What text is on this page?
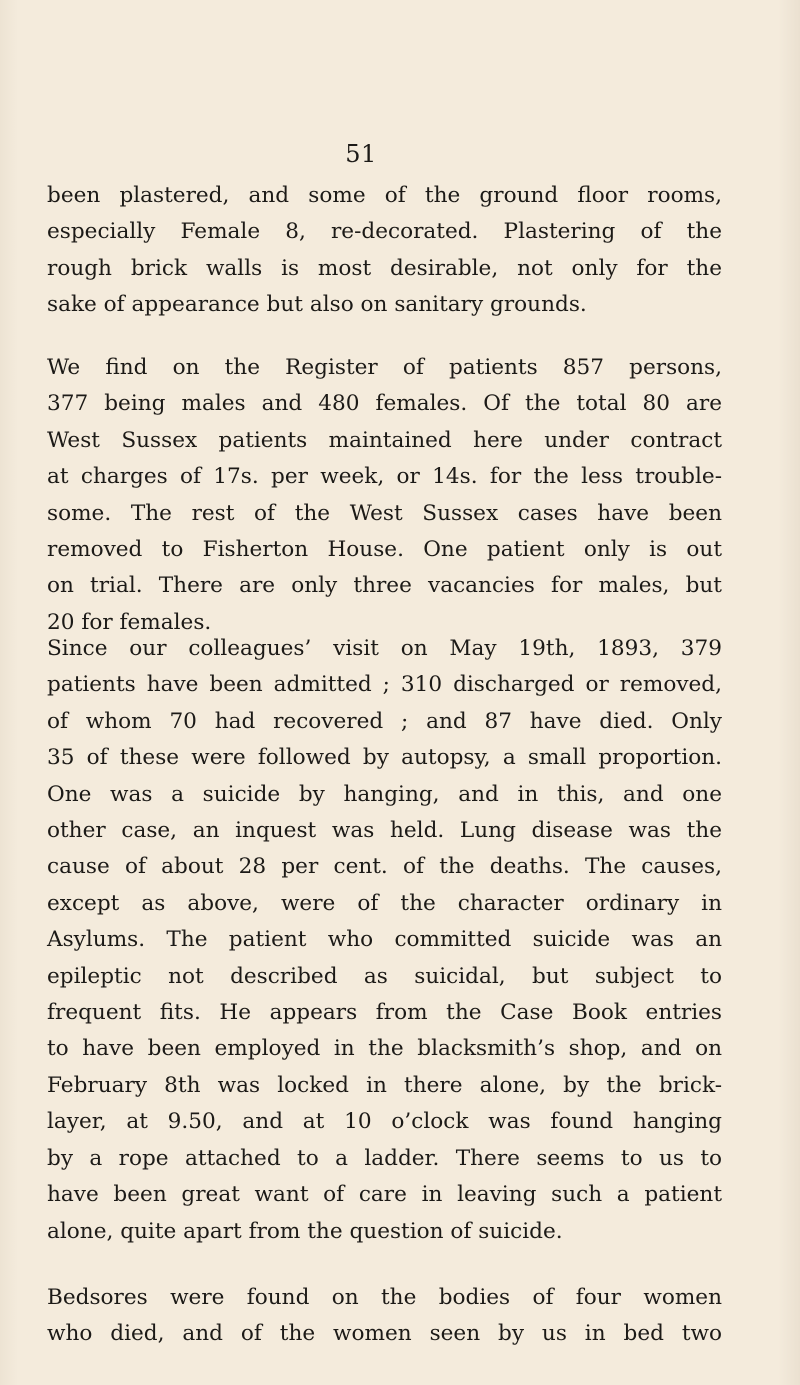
51

been plastered, and some of the ground floor rooms,
especially Female 8, re-decorated. Plastering of the
rough brick walls is most desirable, not only for the
sake of appearance but also on sanitary grounds.

We find on the Register of patients 857 persons,
377 being males and 480 females. Of the total 80 are
West Sussex patients maintained here under contract
at charges of 17s. per week, or 14s. for the less trouble-
some. The rest of the West Sussex cases have been
removed to Fisherton House. One patient only is out
on trial. There are only three vacancies for males, but
20 for females.

Since our colleagues’ visit on May 19th, 1893, 379
patients have been admitted ; 310 discharged or removed,
of whom 70 had recovered ; and 87 have died. Only
35 of these were followed by autopsy, a small proportion.
One was a suicide by hanging, and in this, and one
other case, an inquest was held. Lung disease was the
cause of about 28 per cent. of the deaths. The causes,
except as above, were of the character ordinary in
Asylums. The patient who committed suicide was an
epileptic not described as suicidal, but subject to
frequent fits. He appears from the Case Book entries
to have been employed in the blacksmith’s shop, and on
February 8th was locked in there alone, by the brick-
layer, at 9.50, and at 10 o’clock was found hanging
by a rope attached to a ladder. There seems to us to
have been great want of care in leaving such a patient
alone, quite apart from the question of suicide.

Bedsores were found on the bodies of four women
who died, and of the women seen by us in bed two
